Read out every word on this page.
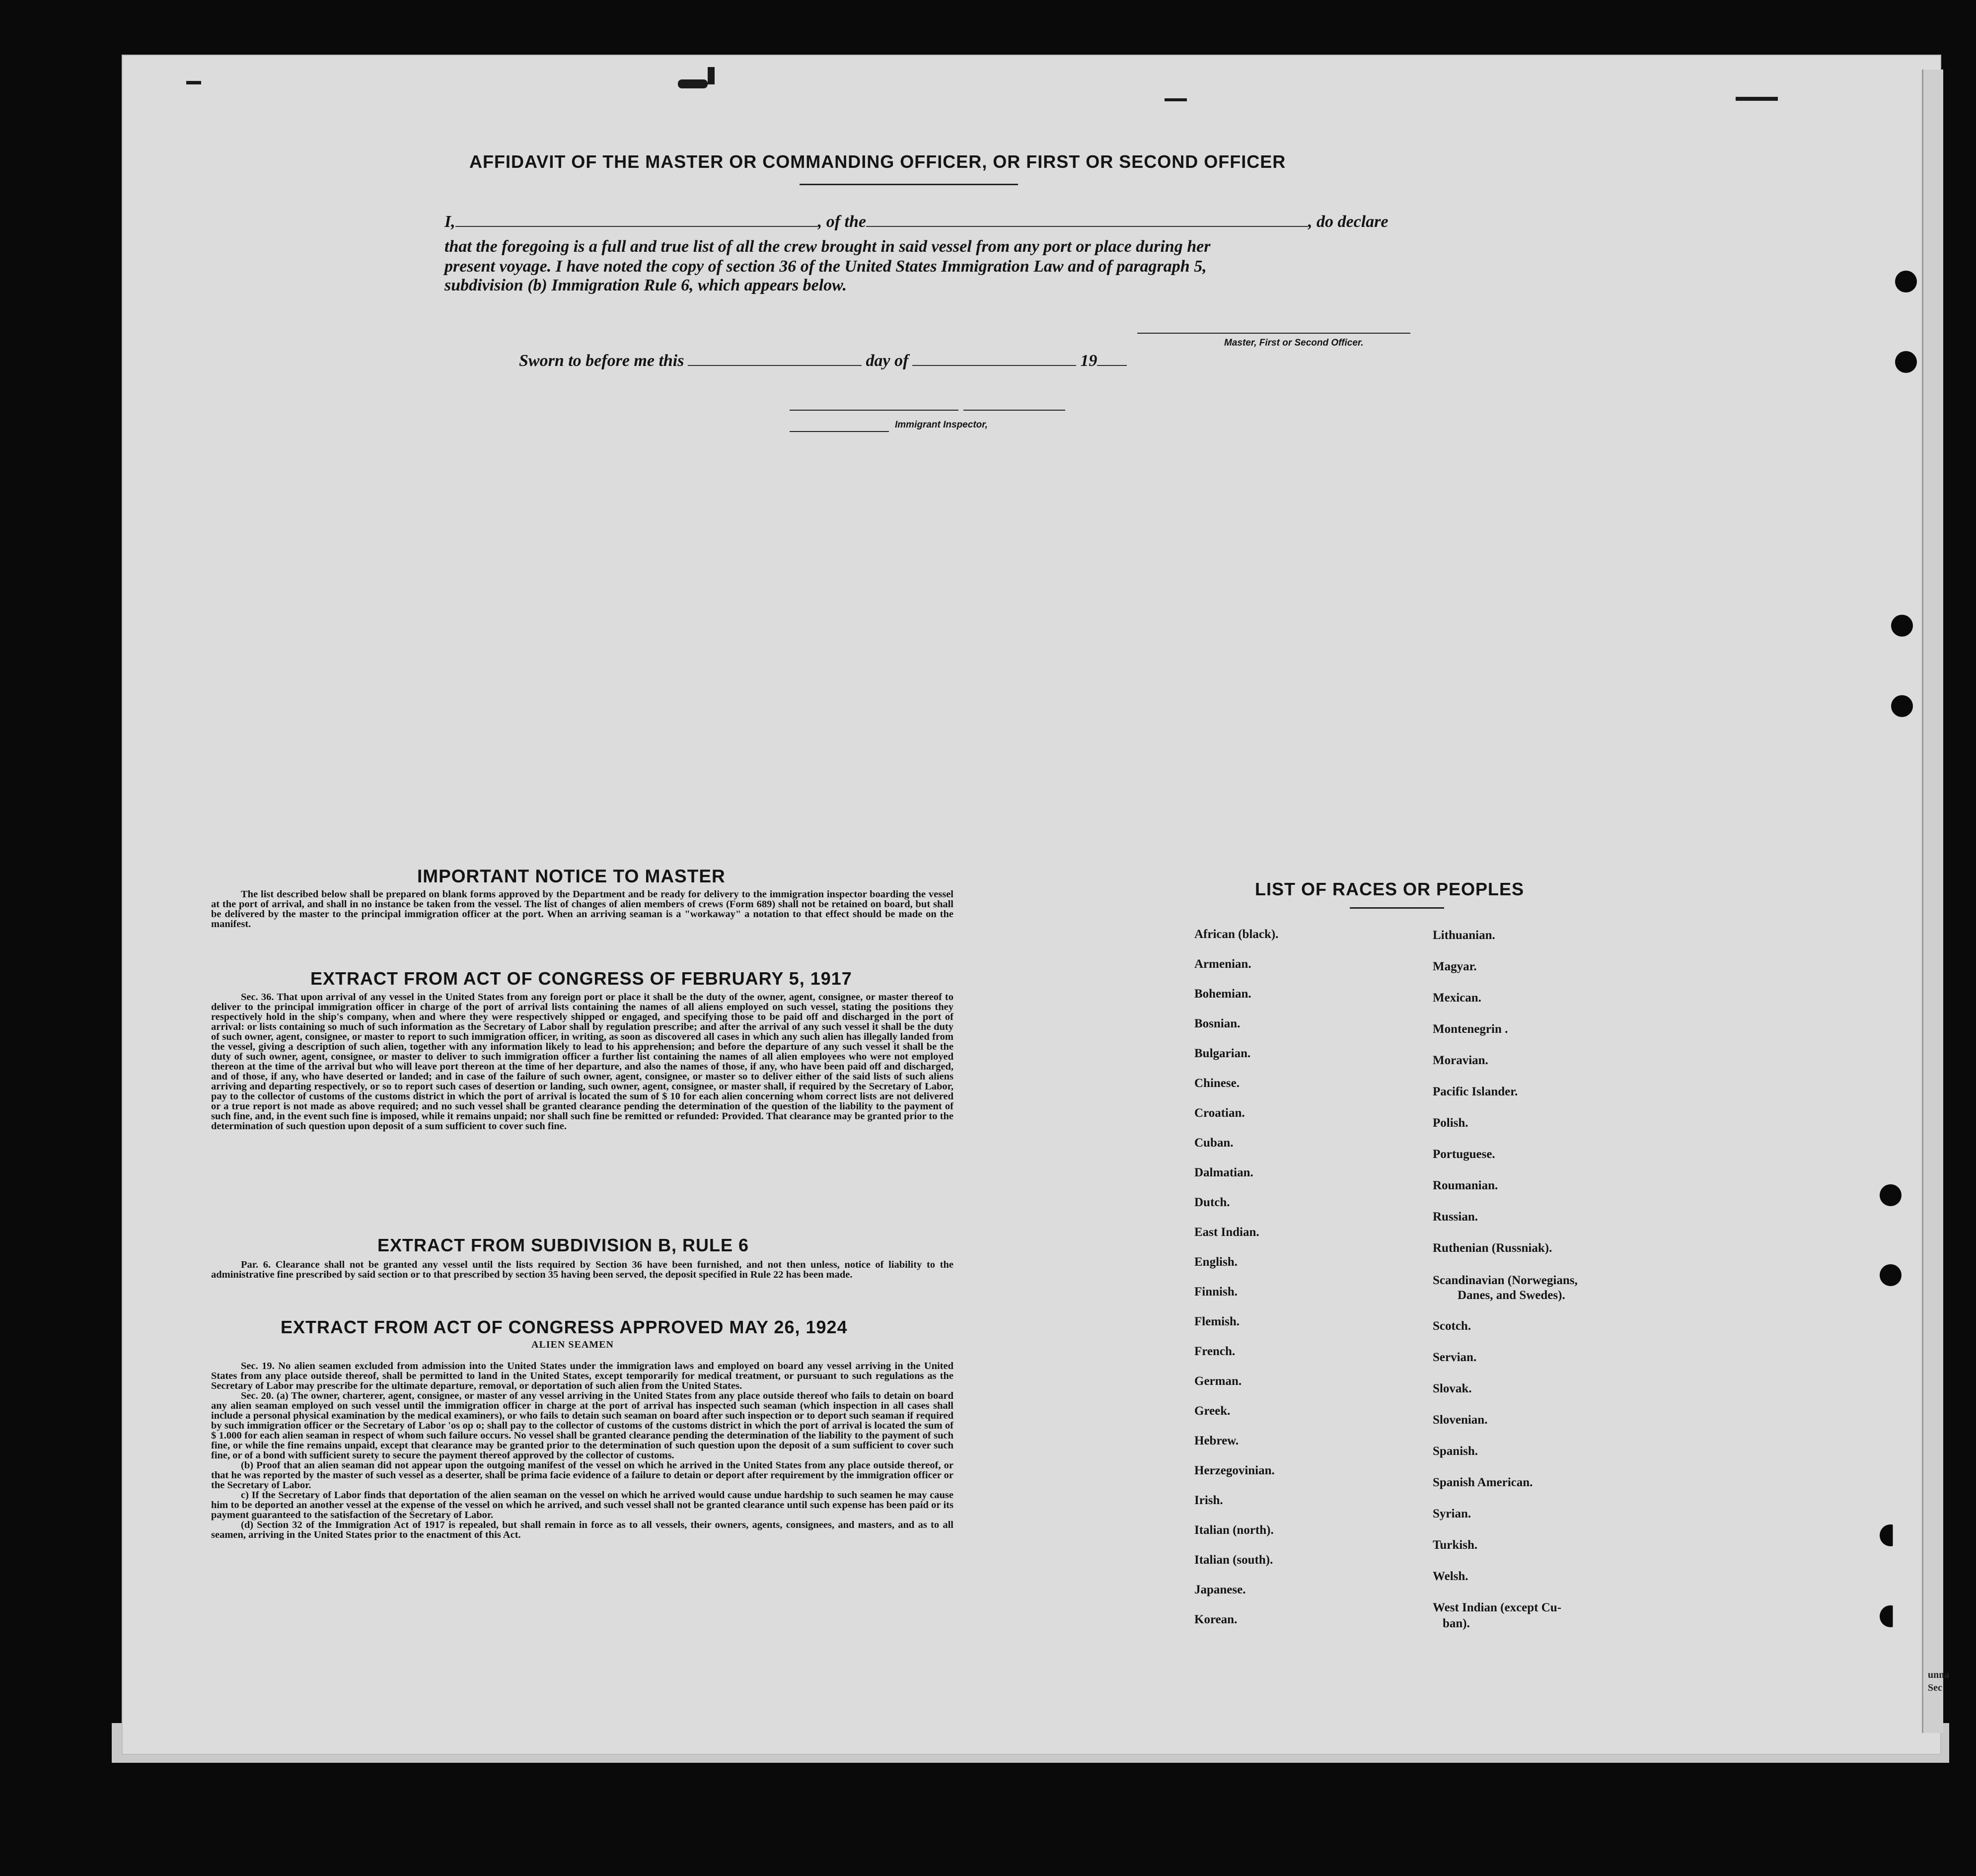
AFFIDAVIT OF THE MASTER OR COMMANDING OFFICER, OR FIRST OR SECOND OFFICER
I,	, of the	, do declare
that the foregoing is a full and true list of all the crew brought in said vessel from any port or place during her
present voyage. I have noted the copy of section 36 of the United States Immigration Law and of paragraph 5,
subdivision (b) Immigration Rule 6, which appears below.
Master, First or Second Officer.
Sworn to before me this	day of	19
Immigrant Inspector,
IMPORTANT NOTICE TO MASTER

The list described below shall be prepared on blank forms approved by the Department and be ready for delivery to the immigration inspector boarding the vessel at the port of arrival, and shall in no instance be taken from the vessel. The list of changes of alien members of crews (Form 689) shall not be retained on board, but shall be delivered by the master to the principal immigration officer at the port. When an arriving seaman is a "workaway" a notation to that effect should be made on the manifest.

EXTRACT FROM ACT OF CONGRESS OF FEBRUARY 5, 1917

Sec. 36. That upon arrival of any vessel in the United States from any foreign port or place it shall be the duty of the owner, agent, consignee, or master thereof to deliver to the principal immigration officer in charge of the port of arrival lists containing the names of all aliens employed on such vessel, stating the positions they respectively hold in the ship's company, when and where they were respectively shipped or engaged, and specifying those to be paid off and discharged in the port of arrival: or lists containing so much of such information as the Secretary of Labor shall by regulation prescribe; and after the arrival of any such vessel it shall be the duty of such owner, agent, consignee, or master to report to such immigration officer, in writing, as soon as discovered all cases in which any such alien has illegally landed from the vessel, giving a description of such alien, together with any information likely to lead to his apprehension; and before the departure of any such vessel it shall be the duty of such owner, agent, consignee, or master to deliver to such immigration officer a further list containing the names of all alien employees who were not employed thereon at the time of the arrival but who will leave port thereon at the time of her departure, and also the names of those, if any, who have been paid off and discharged, and of those, if any, who have deserted or landed; and in case of the failure of such owner, agent, consignee, or master so to deliver either of the said lists of such aliens arriving and departing respectively, or so to report such cases of desertion or landing, such owner, agent, consignee, or master shall, if required by the Secretary of Labor, pay to the collector of customs of the customs district in which the port of arrival is located the sum of $ 10 for each alien concerning whom correct lists are not delivered or a true report is not made as above required; and no such vessel shall be granted clearance pending the determination of the question of the liability to the payment of such fine, and, in the event such fine is imposed, while it remains unpaid; nor shall such fine be remitted or refunded: Provided. That clearance may be granted prior to the determination of such question upon deposit of a sum sufficient to cover such fine.

EXTRACT FROM SUBDIVISION B, RULE 6

Par. 6. Clearance shall not be granted any vessel until the lists required by Section 36 have been furnished, and not then unless, notice of liability to the administrative fine prescribed by said section or to that prescribed by section 35 having been served, the deposit specified in Rule 22 has been made.

EXTRACT FROM ACT OF CONGRESS APPROVED MAY 26, 1924
ALIEN SEAMEN

Sec. 19. No alien seamen excluded from admission into the United States under the immigration laws and employed on board any vessel arriving in the United States from any place outside thereof, shall be permitted to land in the United States, except temporarily for medical treatment, or pursuant to such regulations as the Secretary of Labor may prescribe for the ultimate departure, removal, or deportation of such alien from the United States.

Sec. 20. (a) The owner, charterer, agent, consignee, or master of any vessel arriving in the United States from any place outside thereof who fails to detain on board any alien seaman employed on such vessel until the immigration officer in charge at the port of arrival has inspected such seaman (which inspection in all cases shall include a personal physical examination by the medical examiners), or who fails to detain such seaman on board after such inspection or to deport such seaman if required by such immigration officer or the Secretary of Labor 'os op o; shall pay to the collector of customs of the customs district in which the port of arrival is located the sum of $ 1.000 for each alien seaman in respect of whom such failure occurs. No vessel shall be granted clearance pending the determination of the liability to the payment of such fine, or while the fine remains unpaid, except that clearance may be granted prior to the determination of such question upon the deposit of a sum sufficient to cover such fine, or of a bond with sufficient surety to secure the payment thereof approved by the collector of customs.

(b) Proof that an alien seaman did not appear upon the outgoing manifest of the vessel on which he arrived in the United States from any place outside thereof, or that he was reported by the master of such vessel as a deserter, shall be prima facie evidence of a failure to detain or deport after requirement by the immigration officer or the Secretary of Labor.

c) If the Secretary of Labor finds that deportation of the alien seaman on the vessel on which he arrived would cause undue hardship to such seamen he may cause him to be deported an another vessel at the expense of the vessel on which he arrived, and such vessel shall not be granted clearance until such expense has been paid or its payment guaranteed to the satisfaction of the Secretary of Labor.

(d) Section 32 of the Immigration Act of 1917 is repealed, but shall remain in force as to all vessels, their owners, agents, consignees, and masters, and as to all seamen, arriving in the United States prior to the enactment of this Act.

LIST OF RACES OR PEOPLES
African (black).
Armenian.
Bohemian.
Bosnian.
Bulgarian.
Chinese.
Croatian.
Cuban.
Dalmatian.
Dutch.
East Indian.
English.
Finnish.
Flemish.
French.
German.
Greek.
Hebrew.
Herzegovinian.
Irish.
Italian (north).
Italian (south).
Japanese.
Korean.
Lithuanian.
Magyar.
Mexican.
Montenegrin .
Moravian.
Pacific Islander.
Polish.
Portuguese.
Roumanian.
Russian.
Ruthenian (Russniak).
Scandinavian (Norwegians,
Danes, and Swedes).
Scotch.
Servian.
Slovak.
Slovenian.
Spanish.
Spanish American.
Syrian.
Turkish.
Welsh.
West Indian (except Cu-
ban).
unna
Sec
